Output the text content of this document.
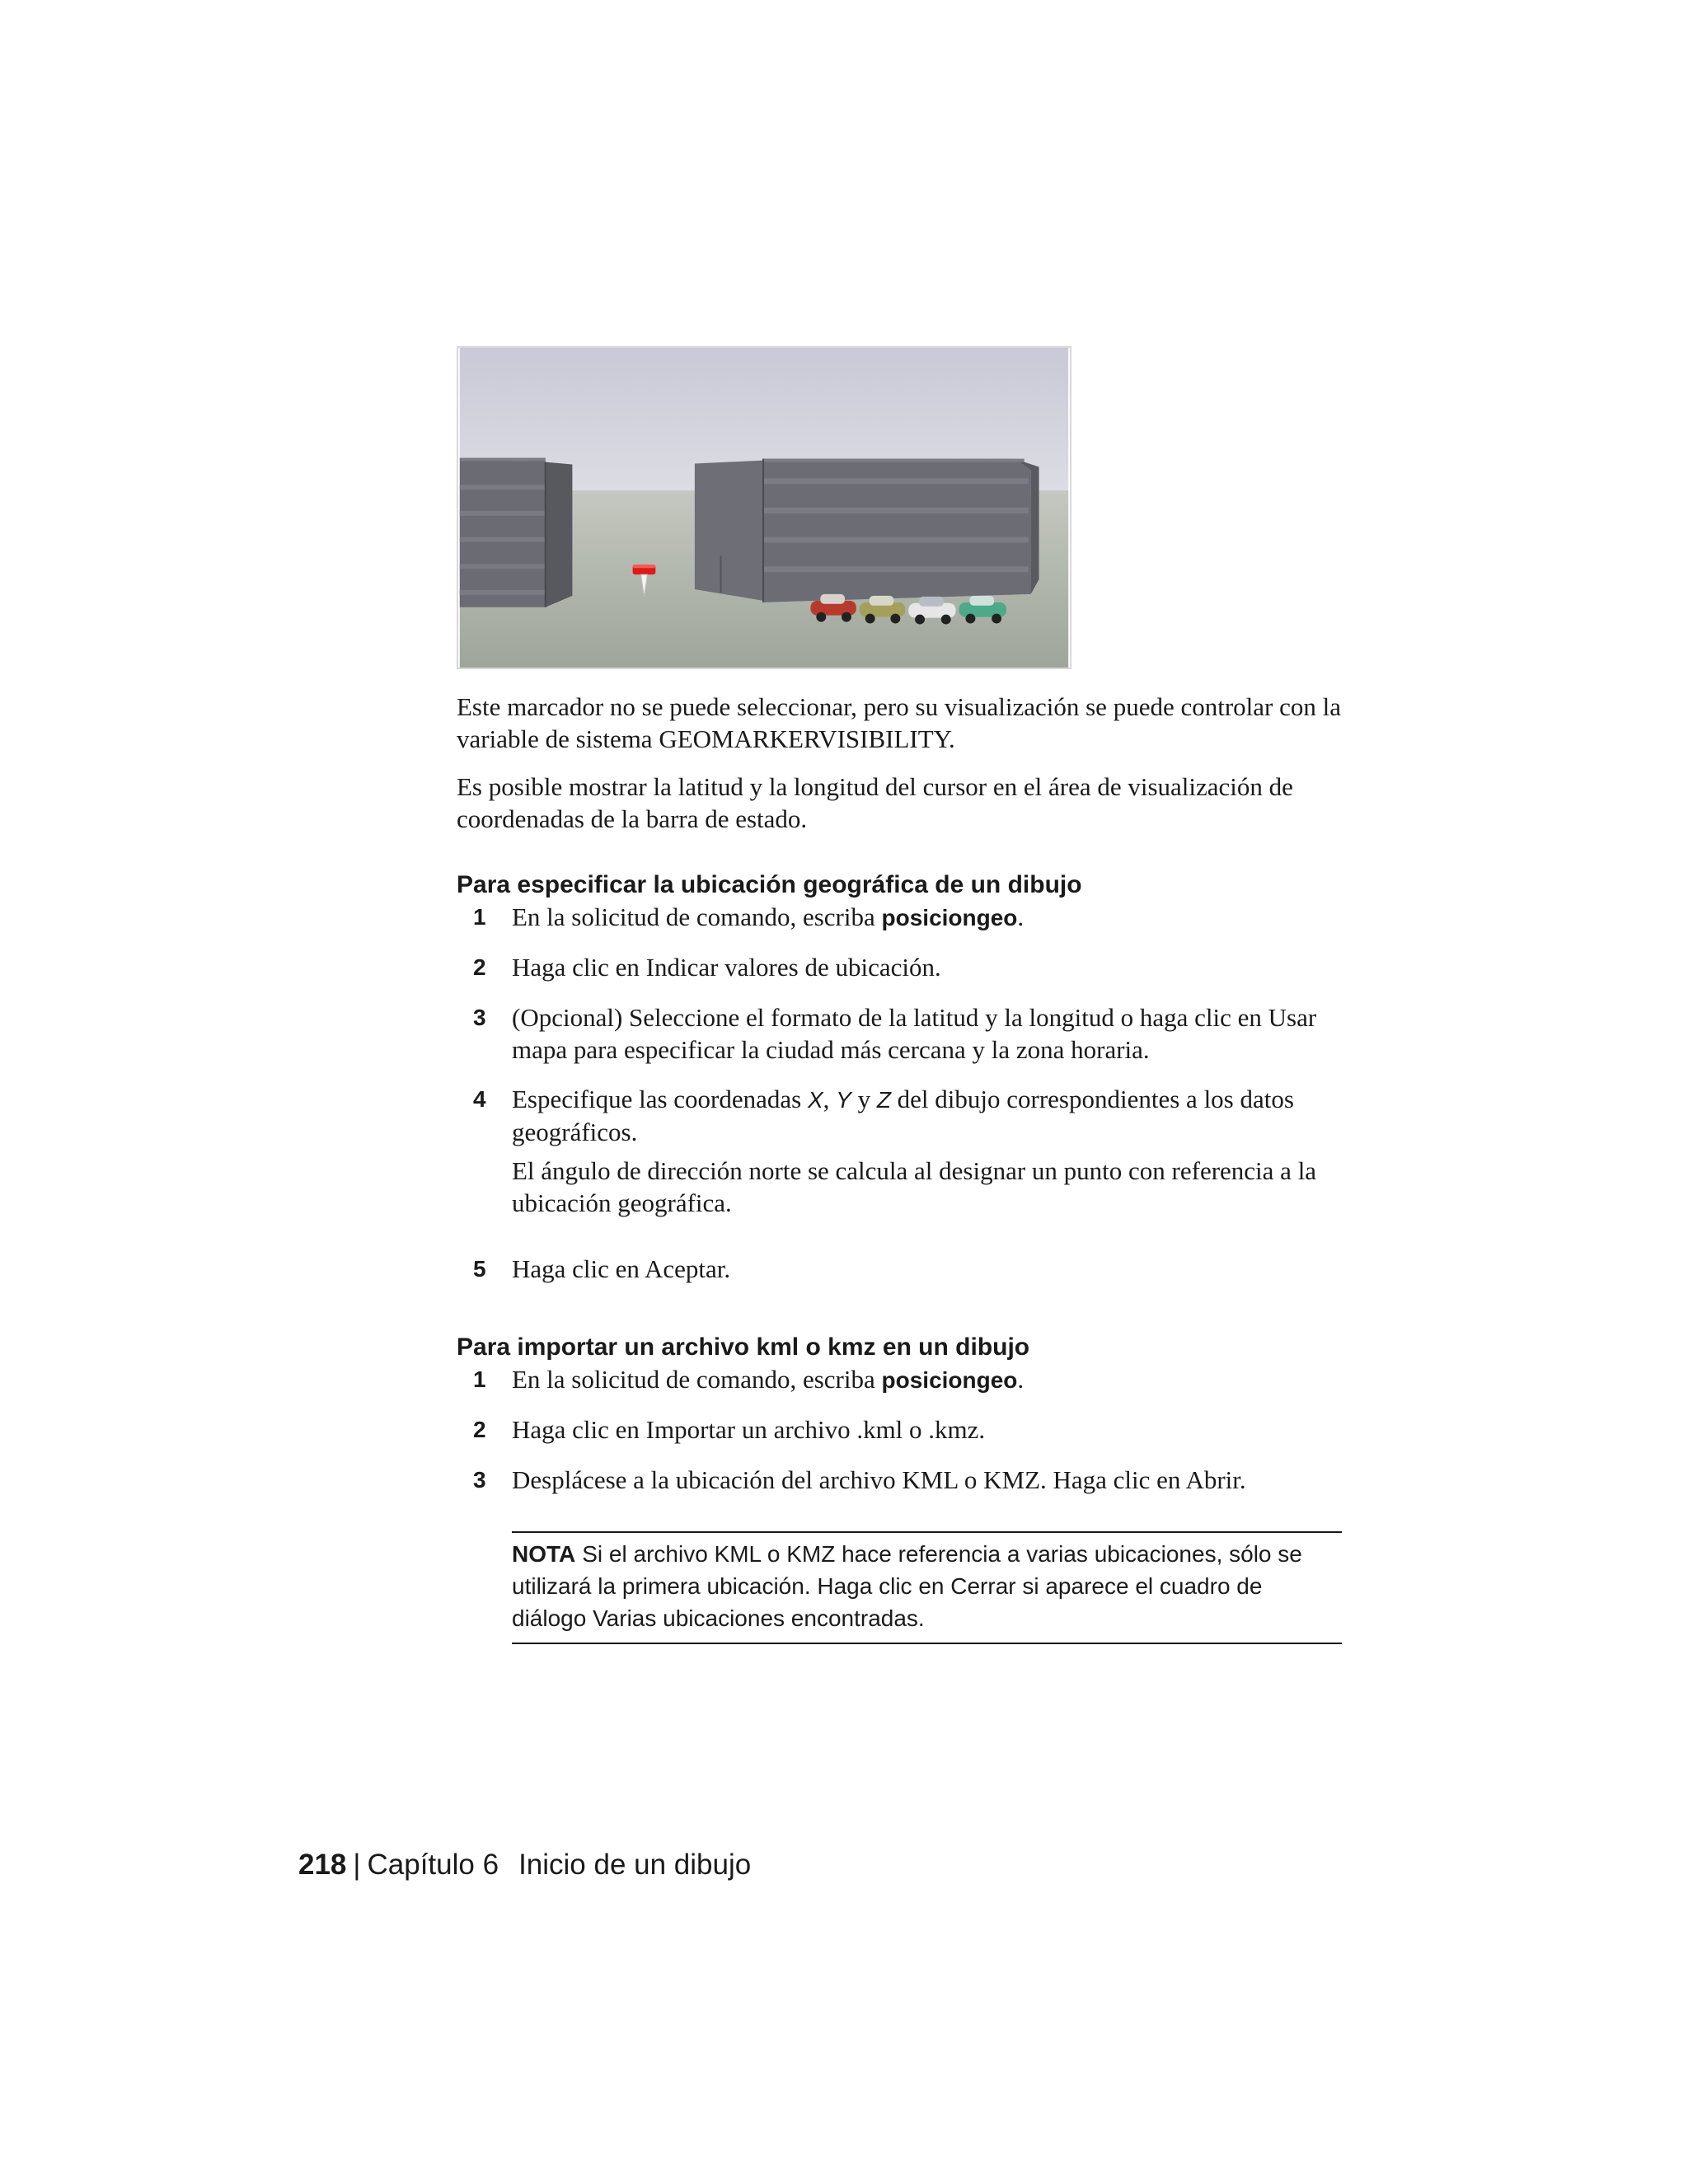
Este marcador no se puede seleccionar, pero su visualización se puede controlar con la variable de sistema GEOMARKERVISIBILITY.

Es posible mostrar la latitud y la longitud del cursor en el área de visualización de coordenadas de la barra de estado.

Para especificar la ubicación geográfica de un dibujo
1	En la solicitud de comando, escriba posiciongeo.
2	Haga clic en Indicar valores de ubicación.
3	(Opcional) Seleccione el formato de la latitud y la longitud o haga clic en Usar mapa para especificar la ciudad más cercana y la zona horaria.
4	Especifique las coordenadas X, Y y Z del dibujo correspondientes a los datos geográficos.
El ángulo de dirección norte se calcula al designar un punto con referencia a la ubicación geográfica.
5	Haga clic en Aceptar.
Para importar un archivo kml o kmz en un dibujo
1	En la solicitud de comando, escriba posiciongeo.
2	Haga clic en Importar un archivo .kml o .kmz.
3	Desplácese a la ubicación del archivo KML o KMZ. Haga clic en Abrir.
NOTA Si el archivo KML o KMZ hace referencia a varias ubicaciones, sólo se utilizará la primera ubicación. Haga clic en Cerrar si aparece el cuadro de diálogo Varias ubicaciones encontradas.
218 | Capítulo 6 Inicio de un dibujo
